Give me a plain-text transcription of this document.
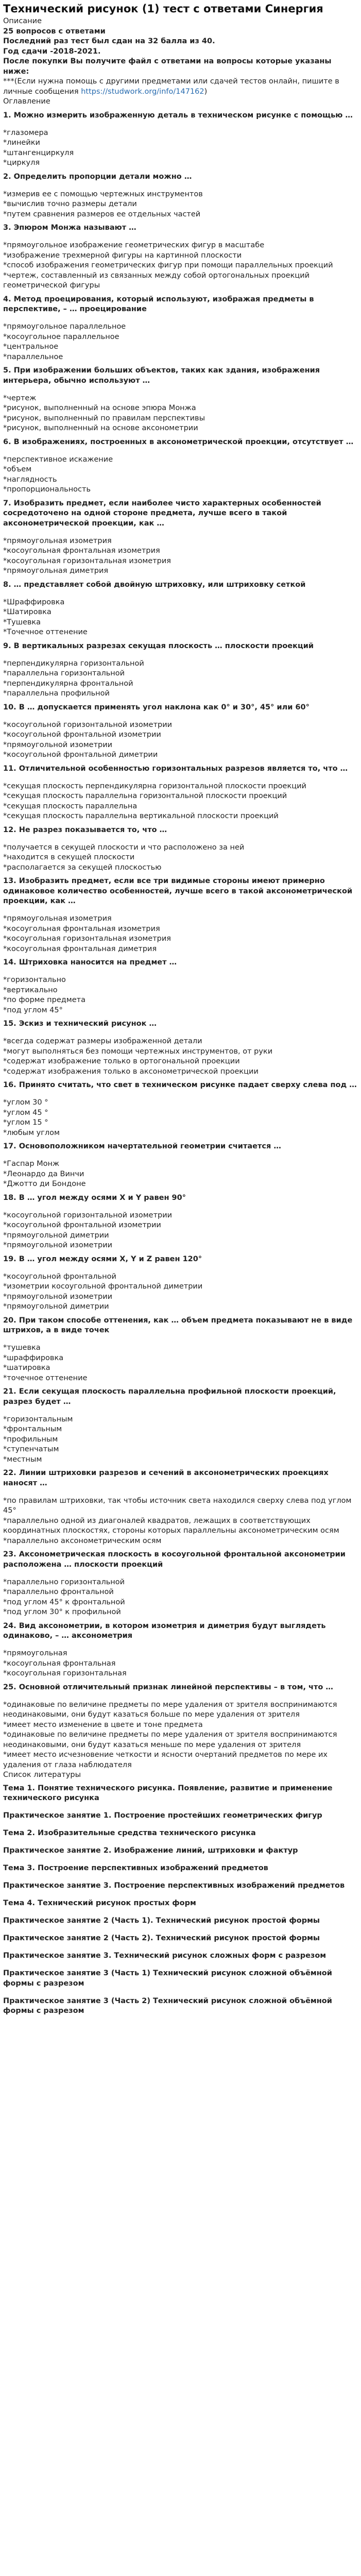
Технический рисунок (1) тест с ответами Синергия

Описание

25 вопросов с ответами

Последний раз тест был сдан на 32 балла из 40.

Год сдачи -2018-2021.

После покупки Вы получите файл с ответами на вопросы которые указаны ниже:

***(Если нужна помощь с другими предметами или сдачей тестов онлайн, пишите в личные сообщения https://studwork.org/info/147162)

Оглавление

1. Можно измерить изображенную деталь в техническом рисунке с помощью …

*глазомера

*линейки

*штангенциркуля

*циркуля

2. Определить пропорции детали можно …

*измерив ее с помощью чертежных инструментов

*вычислив точно размеры детали

*путем сравнения размеров ее отдельных частей

3. Эпюром Монжа называют …

*прямоугольное изображение геометрических фигур в масштабе

*изображение трехмерной фигуры на картинной плоскости

*способ изображения геометрических фигур при помощи параллельных проекций

*чертеж, составленный из связанных между собой ортогональных проекций геометрической фигуры

4. Метод проецирования, который используют, изображая предметы в перспективе, – … проецирование

*прямоугольное параллельное

*косоугольное параллельное

*центральное

*параллельное

5. При изображении больших объектов, таких как здания, изображения интерьера, обычно используют …

*чертеж

*рисунок, выполненный на основе эпюра Монжа

*рисунок, выполненный по правилам перспективы

*рисунок, выполненный на основе аксонометрии

6. В изображениях, построенных в аксонометрической проекции, отсутствует …

*перспективное искажение

*объем

*наглядность

*пропорциональность

7. Изобразить предмет, если наиболее чисто характерных особенностей сосредоточено на одной стороне предмета, лучше всего в такой аксонометрической проекции, как …

*прямоугольная изометрия

*косоугольная фронтальная изометрия

*косоугольная горизонтальная изометрия

*прямоугольная диметрия

8. … представляет собой двойную штриховку, или штриховку сеткой

*Шраффировка

*Шатировка

*Тушевка

*Точечное оттенение

9. В вертикальных разрезах секущая плоскость … плоскости проекций

*перпендикулярна горизонтальной

*параллельна горизонтальной

*перпендикулярна фронтальной

*параллельна профильной

10. В … допускается применять угол наклона как 0° и 30°, 45° или 60°

*косоугольной горизонтальной изометрии

*косоугольной фронтальной изометрии

*прямоугольной изометрии

*косоугольной фронтальной диметрии

11. Отличительной особенностью горизонтальных разрезов является то, что …

*секущая плоскость перпендикулярна горизонтальной плоскости проекций

*секущая плоскость параллельна горизонтальной плоскости проекций

*секущая плоскость параллельна

*секущая плоскость параллельна вертикальной плоскости проекций

12. Не разрез показывается то, что …

*получается в секущей плоскости и что расположено за ней

*находится в секущей плоскости

*располагается за секущей плоскостью

13. Изобразить предмет, если все три видимые стороны имеют примерно одинаковое количество особенностей, лучше всего в такой аксонометрической проекции, как …

*прямоугольная изометрия

*косоугольная фронтальная изометрия

*косоугольная горизонтальная изометрия

*косоугольная фронтальная диметрия

14. Штриховка наносится на предмет …

*горизонтально

*вертикально

*по форме предмета

*под углом 45°

15. Эскиз и технический рисунок …

*всегда содержат размеры изображенной детали

*могут выполняться без помощи чертежных инструментов, от руки

*содержат изображение только в ортогональной проекции

*содержат изображения только в аксонометрической проекции

16. Принято считать, что свет в техническом рисунке падает сверху слева под …

*углом 30 °

*углом 45 °

*углом 15 °

*любым углом

17. Основоположником начертательной геометрии считается …

*Гаспар Монж

*Леонардо да Винчи

*Джотто ди Бондоне

18. В … угол между осями X и Y равен 90°

*косоугольной горизонтальной изометрии

*косоугольной фронтальной изометрии

*прямоугольной диметрии

*прямоугольной изометрии

19. В … угол между осями X, Y и Z равен 120°

*косоугольной фронтальной

*изометрии косоугольной фронтальной диметрии

*прямоугольной изометрии

*прямоугольной диметрии

20. При таком способе оттенения, как … объем предмета показывают не в виде штрихов, а в виде точек

*тушевка

*шраффировка

*шатировка

*точечное оттенение

21. Если секущая плоскость параллельна профильной плоскости проекций, разрез будет …

*горизонтальным

*фронтальным

*профильным

*ступенчатым

*местным

22. Линии штриховки разрезов и сечений в аксонометрических проекциях наносят …

*по правилам штриховки, так чтобы источник света находился сверху слева под углом 45°

*параллельно одной из диагоналей квадратов, лежащих в соответствующих координатных плоскостях, стороны которых параллельны аксонометрическим осям

*параллельно аксонометрическим осям

23. Аксонометрическая плоскость в косоугольной фронтальной аксонометрии расположена … плоскости проекций

*параллельно горизонтальной

*параллельно фронтальной

*под углом 45° к фронтальной

*под углом 30° к профильной

24. Вид аксонометрии, в котором изометрия и диметрия будут выглядеть одинаково, – … аксонометрия

*прямоугольная

*косоугольная фронтальная

*косоугольная горизонтальная

25. Основной отличительный признак линейной перспективы – в том, что …

*одинаковые по величине предметы по мере удаления от зрителя воспринимаются неодинаковыми, они будут казаться больше по мере удаления от зрителя

*имеет место изменение в цвете и тоне предмета

*одинаковые по величине предметы по мере удаления от зрителя воспринимаются неодинаковыми, они будут казаться меньше по мере удаления от зрителя

*имеет место исчезновение четкости и ясности очертаний предметов по мере их удаления от глаза наблюдателя

Список литературы

Тема 1. Понятие технического рисунка. Появление, развитие и применение технического рисунка

Практическое занятие 1. Построение простейших геометрических фигур

Тема 2. Изобразительные средства технического рисунка

Практическое занятие 2. Изображение линий, штриховки и фактур

Тема 3. Построение перспективных изображений предметов

Практическое занятие 3. Построение перспективных изображений предметов

Тема 4. Технический рисунок простых форм

Практическое занятие 2 (Часть 1). Технический рисунок простой формы

Практическое занятие 2 (Часть 2). Технический рисунок простой формы

Практическое занятие 3. Технический рисунок сложных форм с разрезом

Практическое занятие 3 (Часть 1) Технический рисунок сложной объёмной формы с разрезом

Практическое занятие 3 (Часть 2) Технический рисунок сложной объёмной формы с разрезом
